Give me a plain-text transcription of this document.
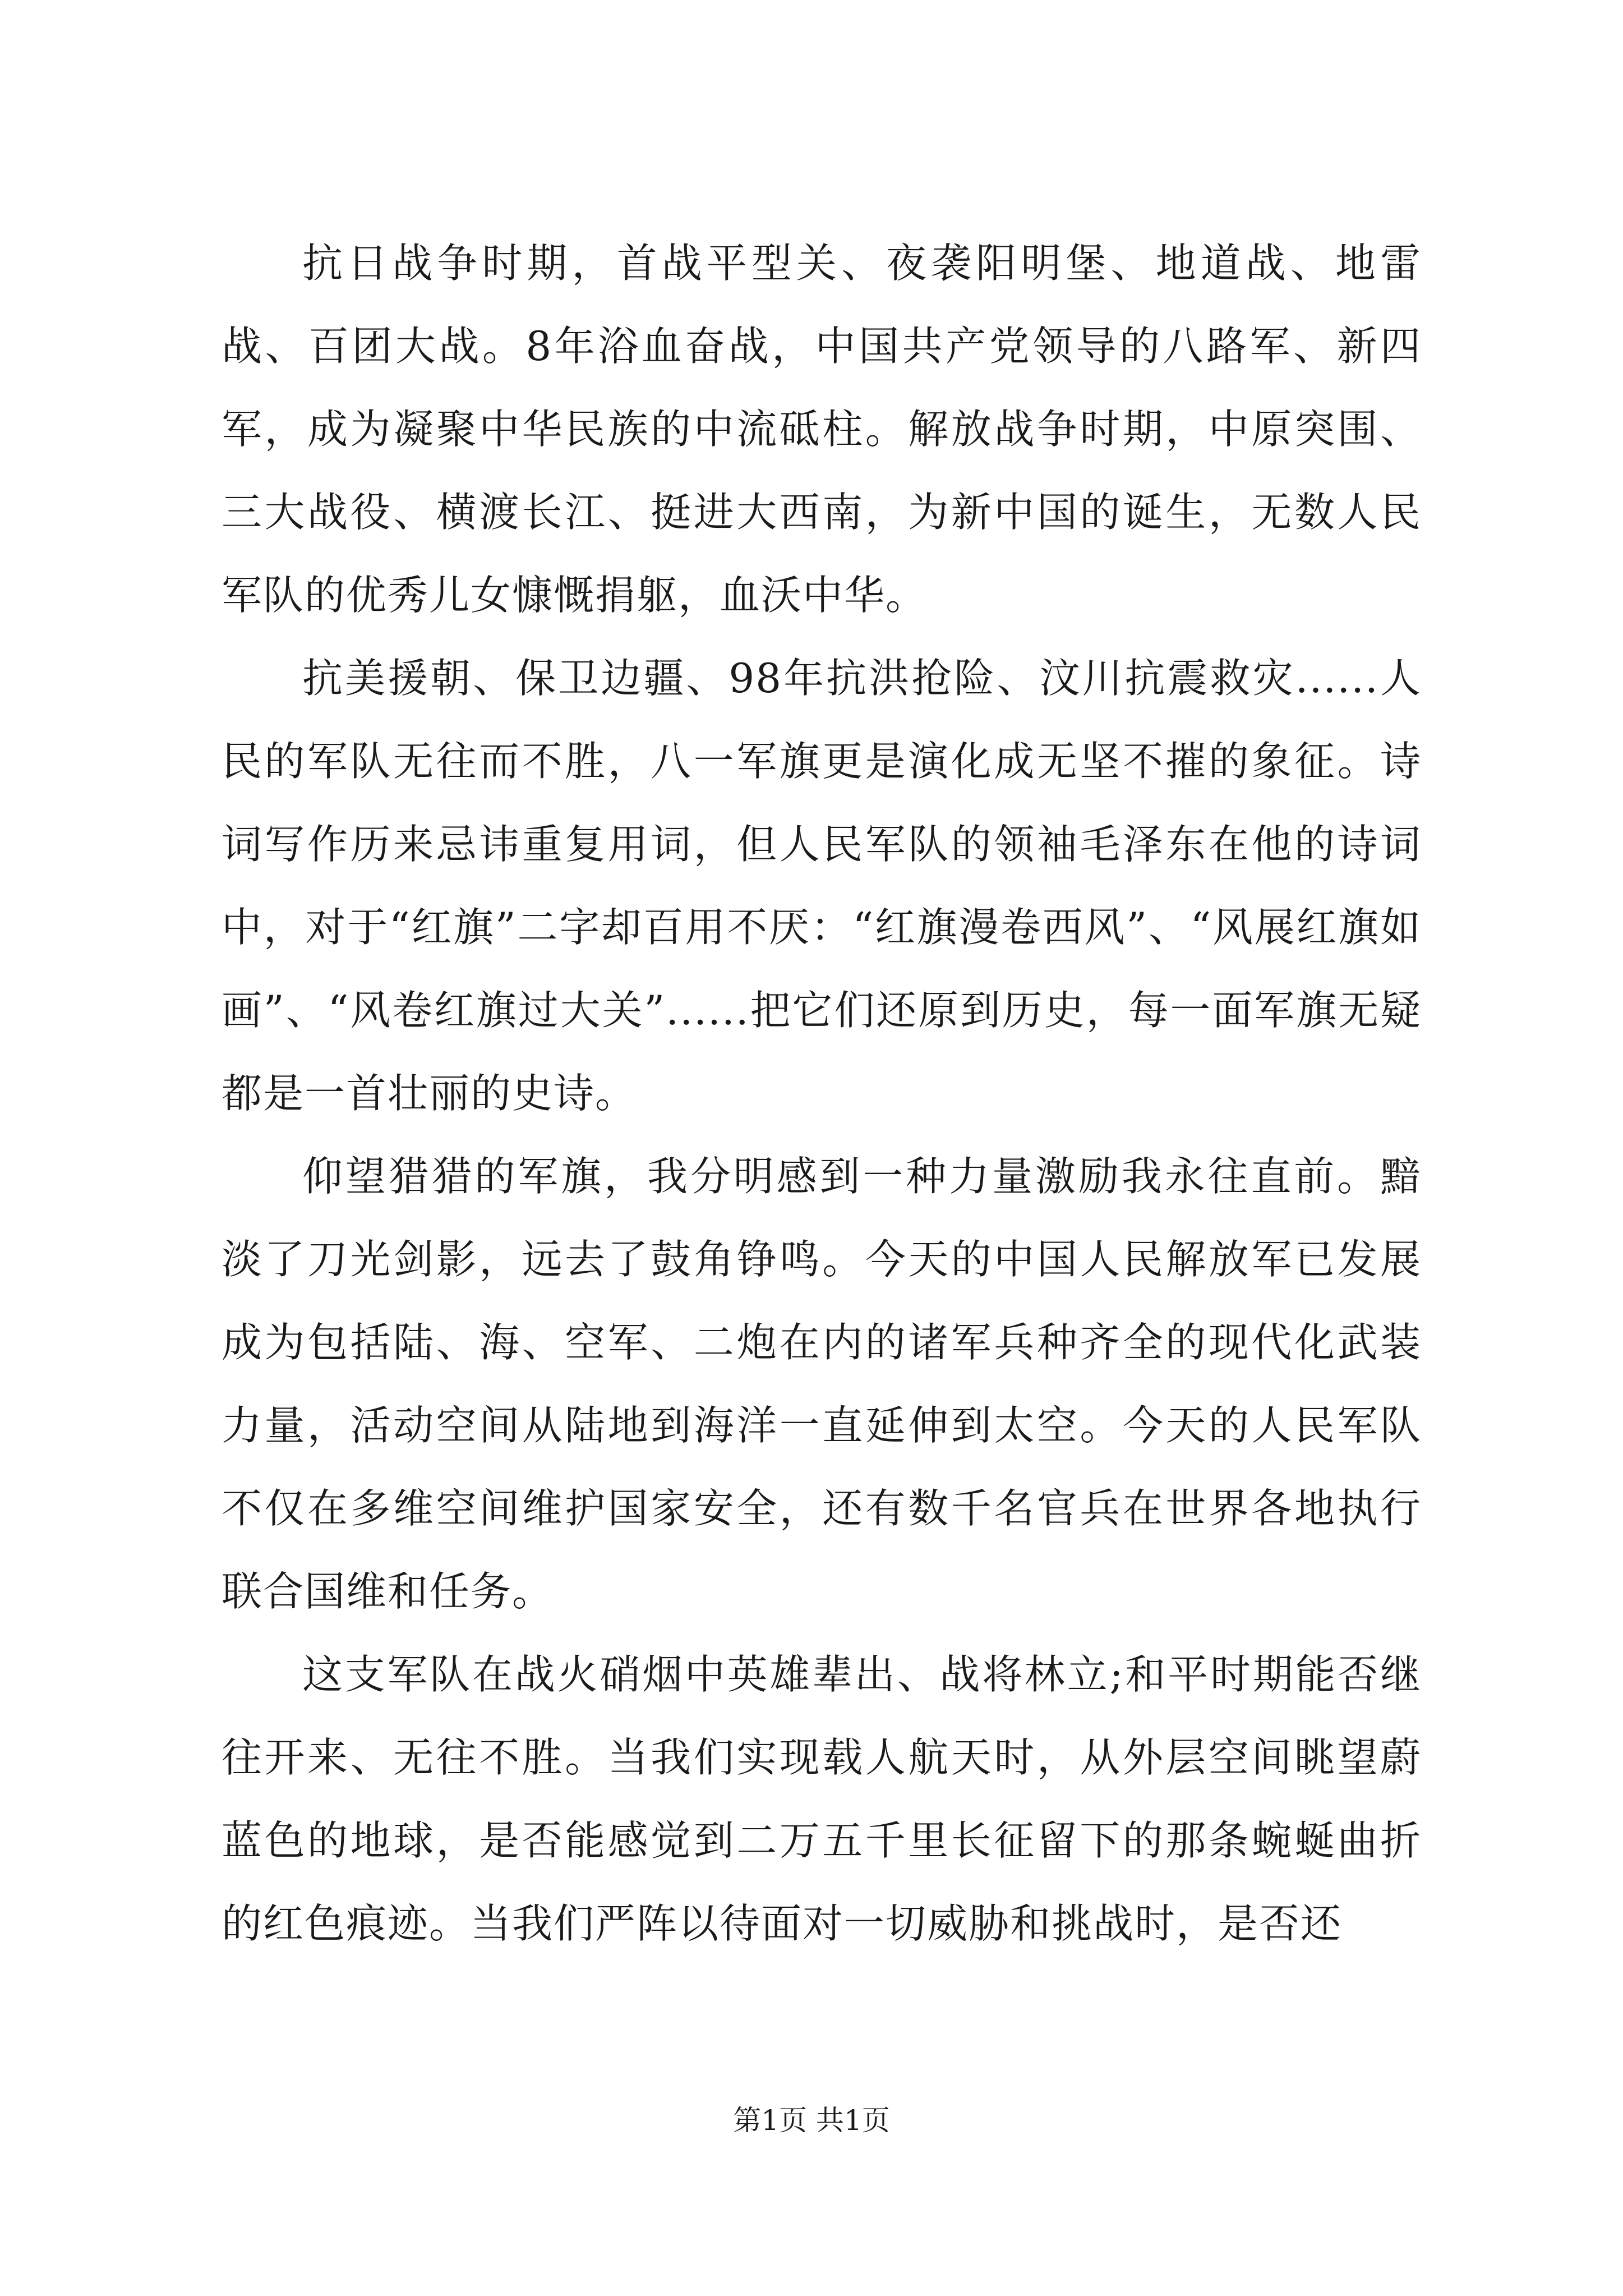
抗日战争时期，首战平型关、夜袭阳明堡、地道战、地雷战、百团大战。8年浴血奋战，中国共产党领导的八路军、新四军，成为凝聚中华民族的中流砥柱。解放战争时期，中原突围、三大战役、横渡长江、挺进大西南，为新中国的诞生，无数人民军队的优秀儿女慷慨捐躯，血沃中华。

抗美援朝、保卫边疆、98年抗洪抢险、汶川抗震救灾......人民的军队无往而不胜，八一军旗更是演化成无坚不摧的象征。诗词写作历来忌讳重复用词，但人民军队的领袖毛泽东在他的诗词中，对于“红旗”二字却百用不厌：“红旗漫卷西风”、“风展红旗如画”、“风卷红旗过大关”......把它们还原到历史，每一面军旗无疑都是一首壮丽的史诗。

仰望猎猎的军旗，我分明感到一种力量激励我永往直前。黯淡了刀光剑影，远去了鼓角铮鸣。今天的中国人民解放军已发展成为包括陆、海、空军、二炮在内的诸军兵种齐全的现代化武装力量，活动空间从陆地到海洋一直延伸到太空。今天的人民军队不仅在多维空间维护国家安全，还有数千名官兵在世界各地执行联合国维和任务。

这支军队在战火硝烟中英雄辈出、战将林立;和平时期能否继往开来、无往不胜。当我们实现载人航天时，从外层空间眺望蔚蓝色的地球，是否能感觉到二万五千里长征留下的那条蜿蜒曲折的红色痕迹。当我们严阵以待面对一切威胁和挑战时，是否还

第1页 共1页
